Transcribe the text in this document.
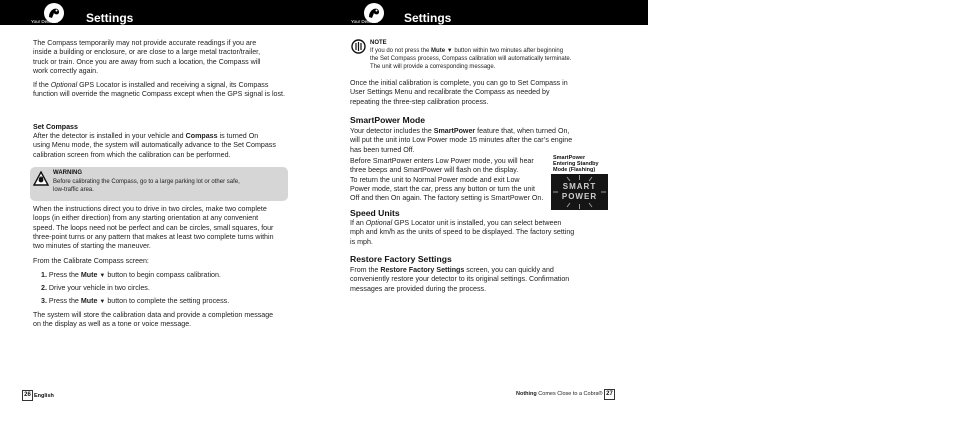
Your Detector Settings
The Compass temporarily may not provide accurate readings if you are
inside a building or enclosure, or are close to a large metal tractor/trailer,
truck or train. Once you are away from such a location, the Compass will
work correctly again.
If the Optional GPS Locator is installed and receiving a signal, its Compass
function will override the magnetic Compass except when the GPS signal is lost.
Set Compass
After the detector is installed in your vehicle and Compass is turned On
using Menu mode, the system will automatically advance to the Set Compass
calibration screen from which the calibration can be performed.
WARNING
Before calibrating the Compass, go to a large parking lot or other safe,
low-traffic area.
When the instructions direct you to drive in two circles, make two complete
loops (in either direction) from any starting orientation at any convenient
speed. The loops need not be perfect and can be circles, small squares, four
three-point turns or any pattern that makes at least two complete turns within
two minutes of starting the maneuver.
From the Calibrate Compass screen:
1. Press the Mute ▼ button to begin compass calibration.
2. Drive your vehicle in two circles.
3. Press the Mute ▼ button to complete the setting process.
The system will store the calibration data and provide a completion message
on the display as well as a tone or voice message.
26 English
Your Detector Settings
NOTE
If you do not press the Mute ▼ button within two minutes after beginning
the Set Compass process, Compass calibration will automatically terminate.
The unit will provide a corresponding message.
Once the initial calibration is complete, you can go to Set Compass in
User Settings Menu and recalibrate the Compass as needed by
repeating the three-step calibration process.
SmartPower Mode
Your detector includes the SmartPower feature that, when turned On,
will put the unit into Low Power mode 15 minutes after the car’s engine
has been turned Off.
Before SmartPower enters Low Power mode, you will hear
three beeps and SmartPower will flash on the display.
To return the unit to Normal Power mode and exit Low
Power mode, start the car, press any button or turn the unit
Off and then On again. The factory setting is SmartPower On.
SmartPower
Entering Standby
Mode (Flashing)
SMART
POWER
Speed Units
If an Optional GPS Locator unit is installed, you can select between
mph and km/h as the units of speed to be displayed. The factory setting
is mph.
Restore Factory Settings
From the Restore Factory Settings screen, you can quickly and
conveniently restore your detector to its original settings. Confirmation
messages are provided during the process.
Nothing Comes Close to a Cobra® 27
